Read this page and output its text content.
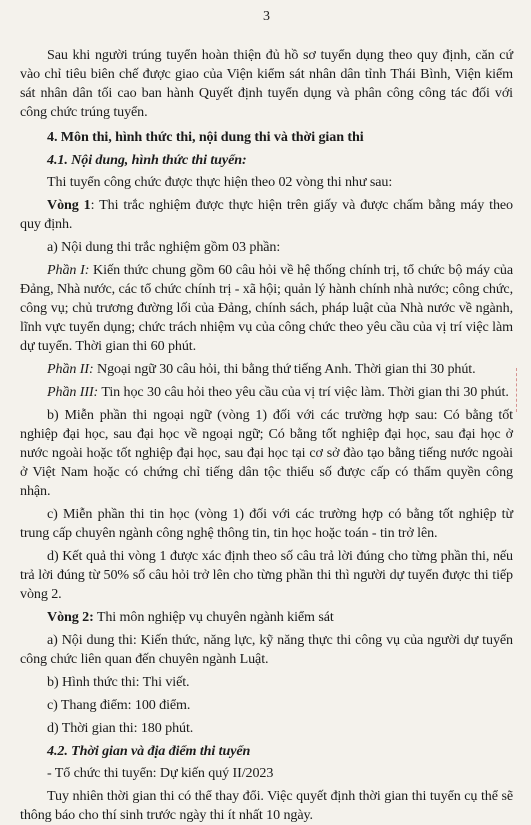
3

Sau khi người trúng tuyển hoàn thiện đủ hồ sơ tuyển dụng theo quy định, căn cứ vào chỉ tiêu biên chế được giao của Viện kiểm sát nhân dân tỉnh Thái Bình, Viện kiểm sát nhân dân tối cao ban hành Quyết định tuyển dụng và phân công công tác đối với công chức trúng tuyển.

4. Môn thi, hình thức thi, nội dung thi và thời gian thi

4.1. Nội dung, hình thức thi tuyển:

Thi tuyển công chức được thực hiện theo 02 vòng thi như sau:

Vòng 1: Thi trắc nghiệm được thực hiện trên giấy và được chấm bằng máy theo quy định.

a) Nội dung thi trắc nghiệm gồm 03 phần:

Phần I: Kiến thức chung gồm 60 câu hỏi về hệ thống chính trị, tổ chức bộ máy của Đảng, Nhà nước, các tổ chức chính trị - xã hội; quản lý hành chính nhà nước; công chức, công vụ; chủ trương đường lối của Đảng, chính sách, pháp luật của Nhà nước về ngành, lĩnh vực tuyển dụng; chức trách nhiệm vụ của công chức theo yêu cầu của vị trí việc làm dự tuyển. Thời gian thi 60 phút.

Phần II: Ngoại ngữ 30 câu hỏi, thi bằng thứ tiếng Anh. Thời gian thi 30 phút.

Phần III: Tin học 30 câu hỏi theo yêu cầu của vị trí việc làm. Thời gian thi 30 phút.

b) Miễn phần thi ngoại ngữ (vòng 1) đối với các trường hợp sau: Có bằng tốt nghiệp đại học, sau đại học về ngoại ngữ; Có bằng tốt nghiệp đại học, sau đại học ở nước ngoài hoặc tốt nghiệp đại học, sau đại học tại cơ sở đào tạo bằng tiếng nước ngoài ở Việt Nam hoặc có chứng chỉ tiếng dân tộc thiểu số được cấp có thẩm quyền công nhận.

c) Miễn phần thi tin học (vòng 1) đối với các trường hợp có bằng tốt nghiệp từ trung cấp chuyên ngành công nghệ thông tin, tin học hoặc toán - tin trở lên.

d) Kết quả thi vòng 1 được xác định theo số câu trả lời đúng cho từng phần thi, nếu trả lời đúng từ 50% số câu hỏi trở lên cho từng phần thi thì người dự tuyển được thi tiếp vòng 2.

Vòng 2: Thi môn nghiệp vụ chuyên ngành kiểm sát

a) Nội dung thi: Kiến thức, năng lực, kỹ năng thực thi công vụ của người dự tuyển công chức liên quan đến chuyên ngành Luật.

b) Hình thức thi: Thi viết.

c) Thang điểm: 100 điểm.

d) Thời gian thi: 180 phút.

4.2. Thời gian và địa điểm thi tuyển

- Tổ chức thi tuyển: Dự kiến quý II/2023

Tuy nhiên thời gian thi có thể thay đổi. Việc quyết định thời gian thi tuyển cụ thể sẽ thông báo cho thí sinh trước ngày thi ít nhất 10 ngày.
